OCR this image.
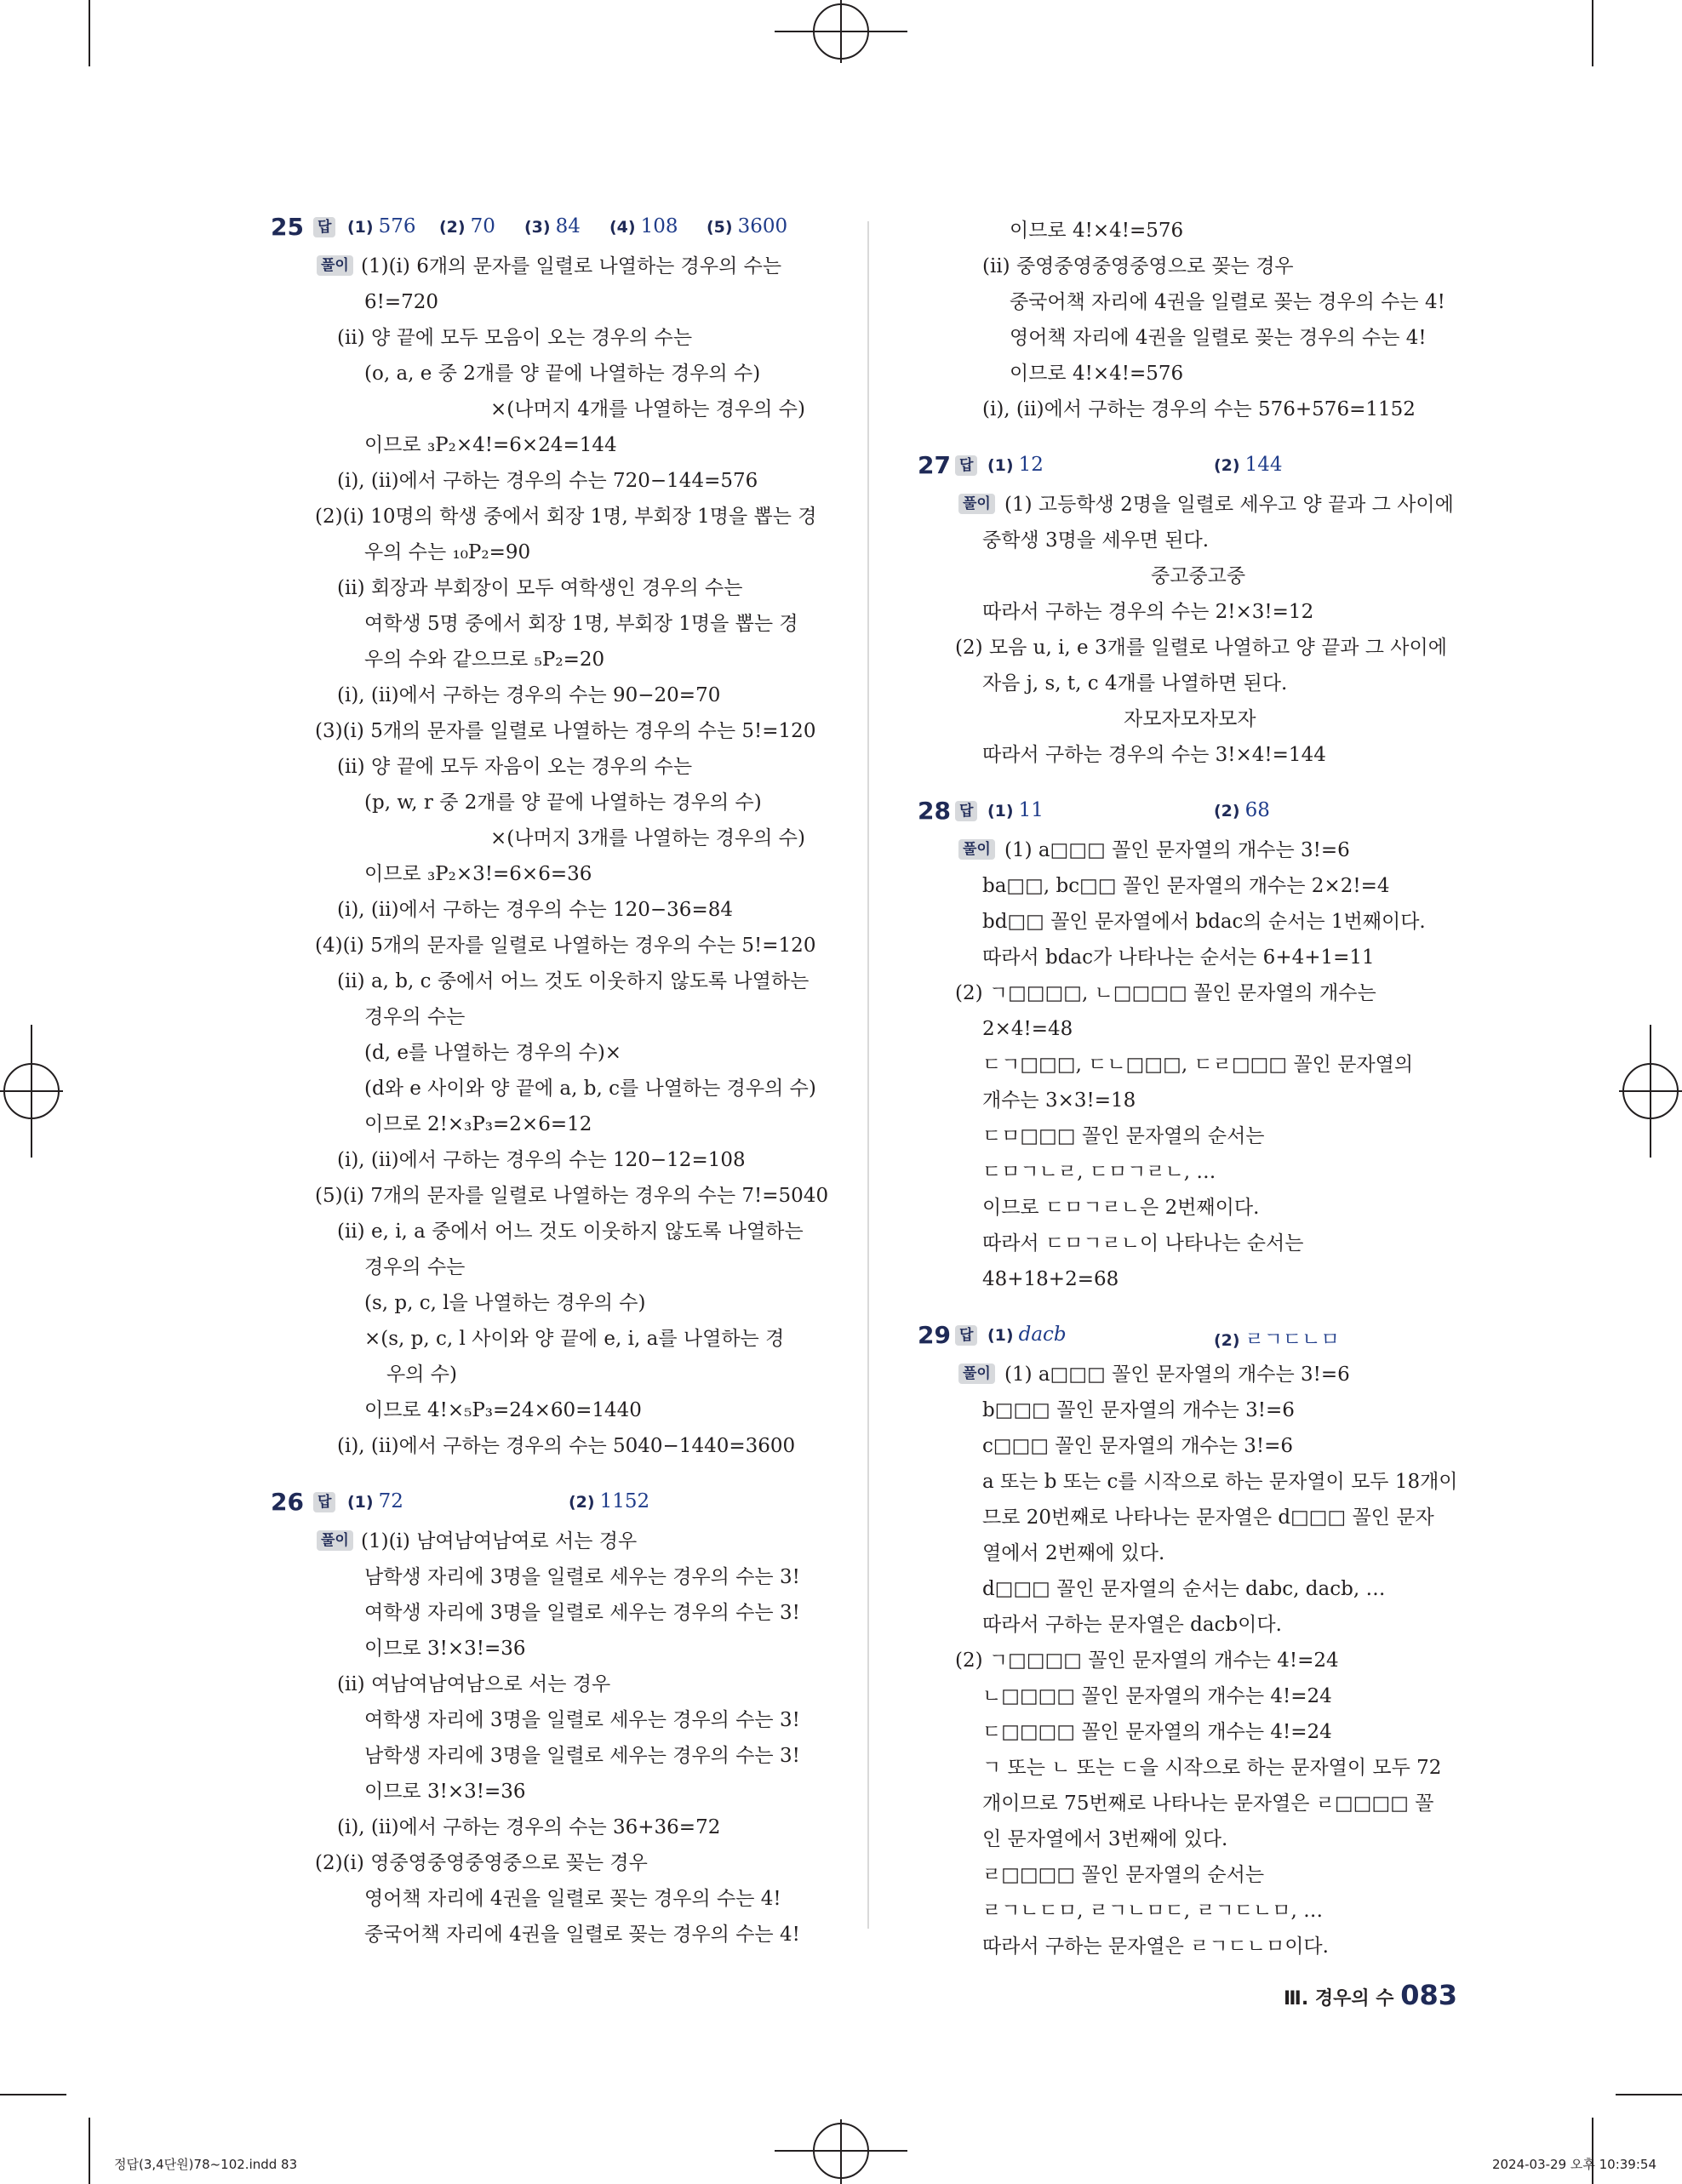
25 답 (1) 576 (2) 70 (3) 84 (4) 108 (5) 3600
풀이 (1)(ⅰ) 6개의 문자를 일렬로 나열하는 경우의 수는
6!=720
(ⅱ) 양 끝에 모두 모음이 오는 경우의 수는
(o, a, e 중 2개를 양 끝에 나열하는 경우의 수)
×(나머지 4개를 나열하는 경우의 수)
이므로 ₃P₂×4!=6×24=144
(ⅰ), (ⅱ)에서 구하는 경우의 수는 720−144=576
(2)(ⅰ) 10명의 학생 중에서 회장 1명, 부회장 1명을 뽑는 경
우의 수는 ₁₀P₂=90
(ⅱ) 회장과 부회장이 모두 여학생인 경우의 수는
여학생 5명 중에서 회장 1명, 부회장 1명을 뽑는 경
우의 수와 같으므로 ₅P₂=20
(ⅰ), (ⅱ)에서 구하는 경우의 수는 90−20=70
(3)(ⅰ) 5개의 문자를 일렬로 나열하는 경우의 수는 5!=120
(ⅱ) 양 끝에 모두 자음이 오는 경우의 수는
(p, w, r 중 2개를 양 끝에 나열하는 경우의 수)
×(나머지 3개를 나열하는 경우의 수)
이므로 ₃P₂×3!=6×6=36
(ⅰ), (ⅱ)에서 구하는 경우의 수는 120−36=84
(4)(ⅰ) 5개의 문자를 일렬로 나열하는 경우의 수는 5!=120
(ⅱ) a, b, c 중에서 어느 것도 이웃하지 않도록 나열하는
경우의 수는
(d, e를 나열하는 경우의 수)×
(d와 e 사이와 양 끝에 a, b, c를 나열하는 경우의 수)
이므로 2!×₃P₃=2×6=12
(ⅰ), (ⅱ)에서 구하는 경우의 수는 120−12=108
(5)(ⅰ) 7개의 문자를 일렬로 나열하는 경우의 수는 7!=5040
(ⅱ) e, i, a 중에서 어느 것도 이웃하지 않도록 나열하는
경우의 수는
(s, p, c, l을 나열하는 경우의 수)
×(s, p, c, l 사이와 양 끝에 e, i, a를 나열하는 경
우의 수)
이므로 4!×₅P₃=24×60=1440
(ⅰ), (ⅱ)에서 구하는 경우의 수는 5040−1440=3600
26 답 (1) 72	(2) 1152
풀이 (1)(ⅰ) 남여남여남여로 서는 경우
남학생 자리에 3명을 일렬로 세우는 경우의 수는 3!
여학생 자리에 3명을 일렬로 세우는 경우의 수는 3!
이므로 3!×3!=36
(ⅱ) 여남여남여남으로 서는 경우
여학생 자리에 3명을 일렬로 세우는 경우의 수는 3!
남학생 자리에 3명을 일렬로 세우는 경우의 수는 3!
이므로 3!×3!=36
(ⅰ), (ⅱ)에서 구하는 경우의 수는 36+36=72
(2)(ⅰ) 영중영중영중영중으로 꽂는 경우
영어책 자리에 4권을 일렬로 꽂는 경우의 수는 4!
중국어책 자리에 4권을 일렬로 꽂는 경우의 수는 4!
이므로 4!×4!=576
(ⅱ) 중영중영중영중영으로 꽂는 경우
중국어책 자리에 4권을 일렬로 꽂는 경우의 수는 4!
영어책 자리에 4권을 일렬로 꽂는 경우의 수는 4!
이므로 4!×4!=576
(ⅰ), (ⅱ)에서 구하는 경우의 수는 576+576=1152
27 답 (1) 12	(2) 144
풀이 (1) 고등학생 2명을 일렬로 세우고 양 끝과 그 사이에
중학생 3명을 세우면 된다.
중고중고중
따라서 구하는 경우의 수는 2!×3!=12
(2) 모음 u, i, e 3개를 일렬로 나열하고 양 끝과 그 사이에
자음 j, s, t, c 4개를 나열하면 된다.
자모자모자모자
따라서 구하는 경우의 수는 3!×4!=144
28 답 (1) 11	(2) 68
풀이 (1) a□□□ 꼴인 문자열의 개수는 3!=6
ba□□, bc□□ 꼴인 문자열의 개수는 2×2!=4
bd□□ 꼴인 문자열에서 bdac의 순서는 1번째이다.
따라서 bdac가 나타나는 순서는 6+4+1=11
(2) ㄱ□□□□, ㄴ□□□□ 꼴인 문자열의 개수는
2×4!=48
ㄷㄱ□□□, ㄷㄴ□□□, ㄷㄹ□□□ 꼴인 문자열의
개수는 3×3!=18
ㄷㅁ□□□ 꼴인 문자열의 순서는
ㄷㅁㄱㄴㄹ, ㄷㅁㄱㄹㄴ, …
이므로 ㄷㅁㄱㄹㄴ은 2번째이다.
따라서 ㄷㅁㄱㄹㄴ이 나타나는 순서는
48+18+2=68
29 답 (1) dacb	(2) ㄹㄱㄷㄴㅁ
풀이 (1) a□□□ 꼴인 문자열의 개수는 3!=6
b□□□ 꼴인 문자열의 개수는 3!=6
c□□□ 꼴인 문자열의 개수는 3!=6
a 또는 b 또는 c를 시작으로 하는 문자열이 모두 18개이
므로 20번째로 나타나는 문자열은 d□□□ 꼴인 문자
열에서 2번째에 있다.
d□□□ 꼴인 문자열의 순서는 dabc, dacb, …
따라서 구하는 문자열은 dacb이다.
(2) ㄱ□□□□ 꼴인 문자열의 개수는 4!=24
ㄴ□□□□ 꼴인 문자열의 개수는 4!=24
ㄷ□□□□ 꼴인 문자열의 개수는 4!=24
ㄱ 또는 ㄴ 또는 ㄷ을 시작으로 하는 문자열이 모두 72
개이므로 75번째로 나타나는 문자열은 ㄹ□□□□ 꼴
인 문자열에서 3번째에 있다.
ㄹ□□□□ 꼴인 문자열의 순서는
ㄹㄱㄴㄷㅁ, ㄹㄱㄴㅁㄷ, ㄹㄱㄷㄴㅁ, …
따라서 구하는 문자열은 ㄹㄱㄷㄴㅁ이다.
Ⅲ. 경우의 수 083
정답(3,4단원)78~102.indd 83	2024-03-29 오후 10:39:54
